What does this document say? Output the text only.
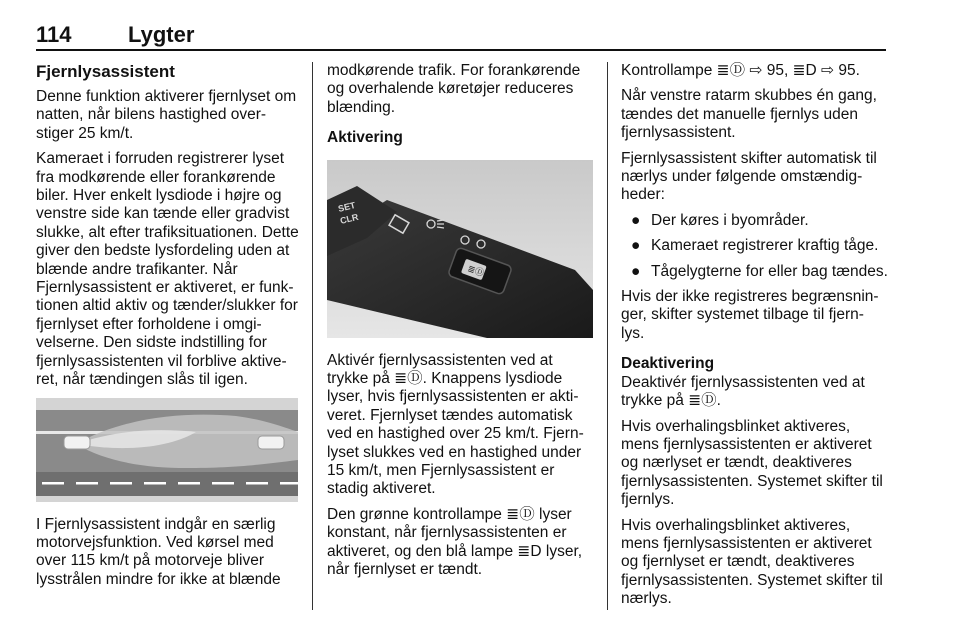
114	Lygter
Fjernlysassistent

Denne funktion aktiverer fjernlyset om natten, når bilens hastighed over- stiger 25 km/t.

Kameraet i forruden registrerer lyset fra modkørende eller forankørende biler. Hver enkelt lysdiode i højre og venstre side kan tænde eller gradvist slukke, alt efter trafiksituationen. Dette giver den bedste lysfordeling uden at blænde andre trafikanter. Når Fjernlysassistent er aktiveret, er funk- tionen altid aktiv og tænder/slukker for fjernlyset efter forholdene i omgi- velserne. Den sidste indstilling for fjernlysassistenten vil forblive aktive- ret, når tændingen slås til igen.

I Fjernlysassistent indgår en særlig motorvejsfunktion. Ved kørsel med over 115 km/t på motorveje bliver lysstrålen mindre for ikke at blænde

modkørende trafik. For forankørende og overhalende køretøjer reduceres blænding.

Aktivering
SET
CLR
≣Ⓓ

Aktivér fjernlysassistenten ved at trykke på ≣Ⓓ. Knappens lysdiode lyser, hvis fjernlysassistenten er akti- veret. Fjernlyset tændes automatisk ved en hastighed over 25 km/t. Fjern- lyset slukkes ved en hastighed under 15 km/t, men Fjernlysassistent er stadig aktiveret.

Den grønne kontrollampe ≣Ⓓ lyser konstant, når fjernlysassistenten er aktiveret, og den blå lampe ≣D lyser, når fjernlyset er tændt.

Kontrollampe ≣Ⓓ ⇨ 95, ≣D ⇨ 95.

Når venstre ratarm skubbes én gang, tændes det manuelle fjernlys uden fjernlysassistent.

Fjernlysassistent skifter automatisk til nærlys under følgende omstændig- heder:

● Der køres i byområder.
● Kameraet registrerer kraftig tåge.
● Tågelygterne for eller bag tændes.

Hvis der ikke registreres begrænsnin- ger, skifter systemet tilbage til fjern- lys.

Deaktivering

Deaktivér fjernlysassistenten ved at trykke på ≣Ⓓ.

Hvis overhalingsblinket aktiveres, mens fjernlysassistenten er aktiveret og nærlyset er tændt, deaktiveres fjernlysassistenten. Systemet skifter til fjernlys.

Hvis overhalingsblinket aktiveres, mens fjernlysassistenten er aktiveret og fjernlyset er tændt, deaktiveres fjernlysassistenten. Systemet skifter til nærlys.
